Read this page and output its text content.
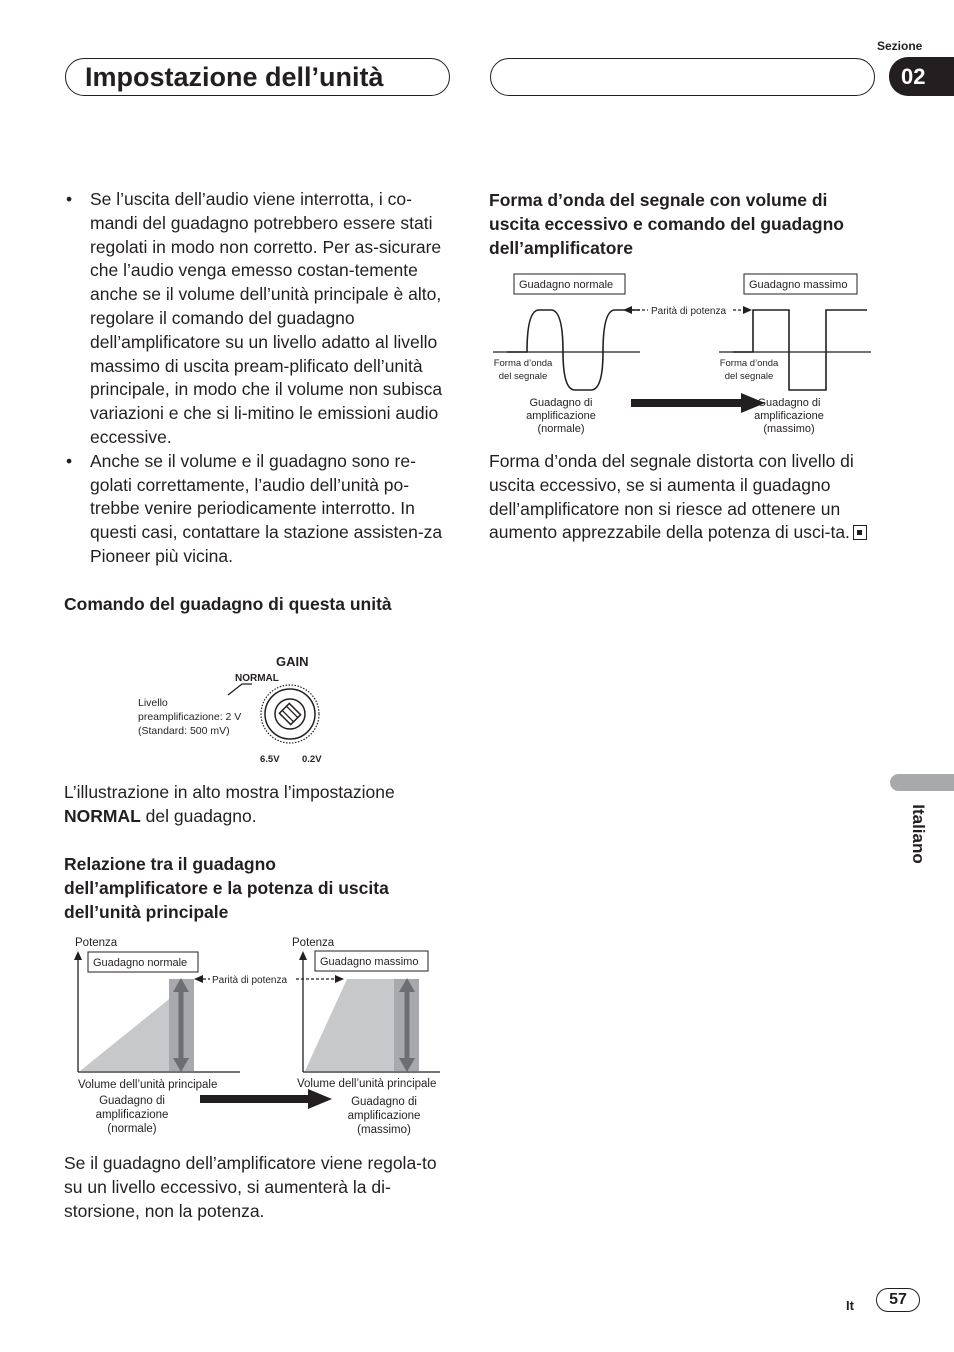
Impostazione dell’unità
Sezione
02
• Se l’uscita dell’audio viene interrotta, i co-mandi del guadagno potrebbero essere stati regolati in modo non corretto. Per as-sicurare che l’audio venga emesso costan-temente anche se il volume dell’unità principale è alto, regolare il comando del guadagno dell’amplificatore su un livello adatto al livello massimo di uscita pream-plificato dell’unità principale, in modo che il volume non subisca variazioni e che si li-mitino le emissioni audio eccessive.
• Anche se il volume e il guadagno sono re-golati correttamente, l’audio dell’unità po-trebbe venire periodicamente interrotto. In questi casi, contattare la stazione assisten-za Pioneer più vicina.
Comando del guadagno di questa unità
GAIN
NORMAL
Livello
preamplificazione: 2 V
(Standard: 500 mV)
6.5V 0.2V
L’illustrazione in alto mostra l’impostazione NORMAL del guadagno.
Relazione tra il guadagno dell’amplificatore e la potenza di uscita dell’unità principale
Potenza
Guadagno normale
Parità di potenza
Potenza
Guadagno massimo
Volume dell’unità principale	Volume dell’unità principale
Guadagno di
amplificazione
(normale)
Guadagno di
amplificazione
(massimo)
Se il guadagno dell’amplificatore viene regola-to su un livello eccessivo, si aumenterà la di-storsione, non la potenza.
Forma d’onda del segnale con volume di uscita eccessivo e comando del guadagno dell’amplificatore
Guadagno normale	Guadagno massimo
Parità di potenza
Forma d’onda
del segnale
Forma d’onda
del segnale
Guadagno di
amplificazione
(normale)
Guadagno di
amplificazione
(massimo)
Forma d’onda del segnale distorta con livello di uscita eccessivo, se si aumenta il guadagno dell’amplificatore non si riesce ad ottenere un aumento apprezzabile della potenza di usci-ta.
Italiano
It	57
